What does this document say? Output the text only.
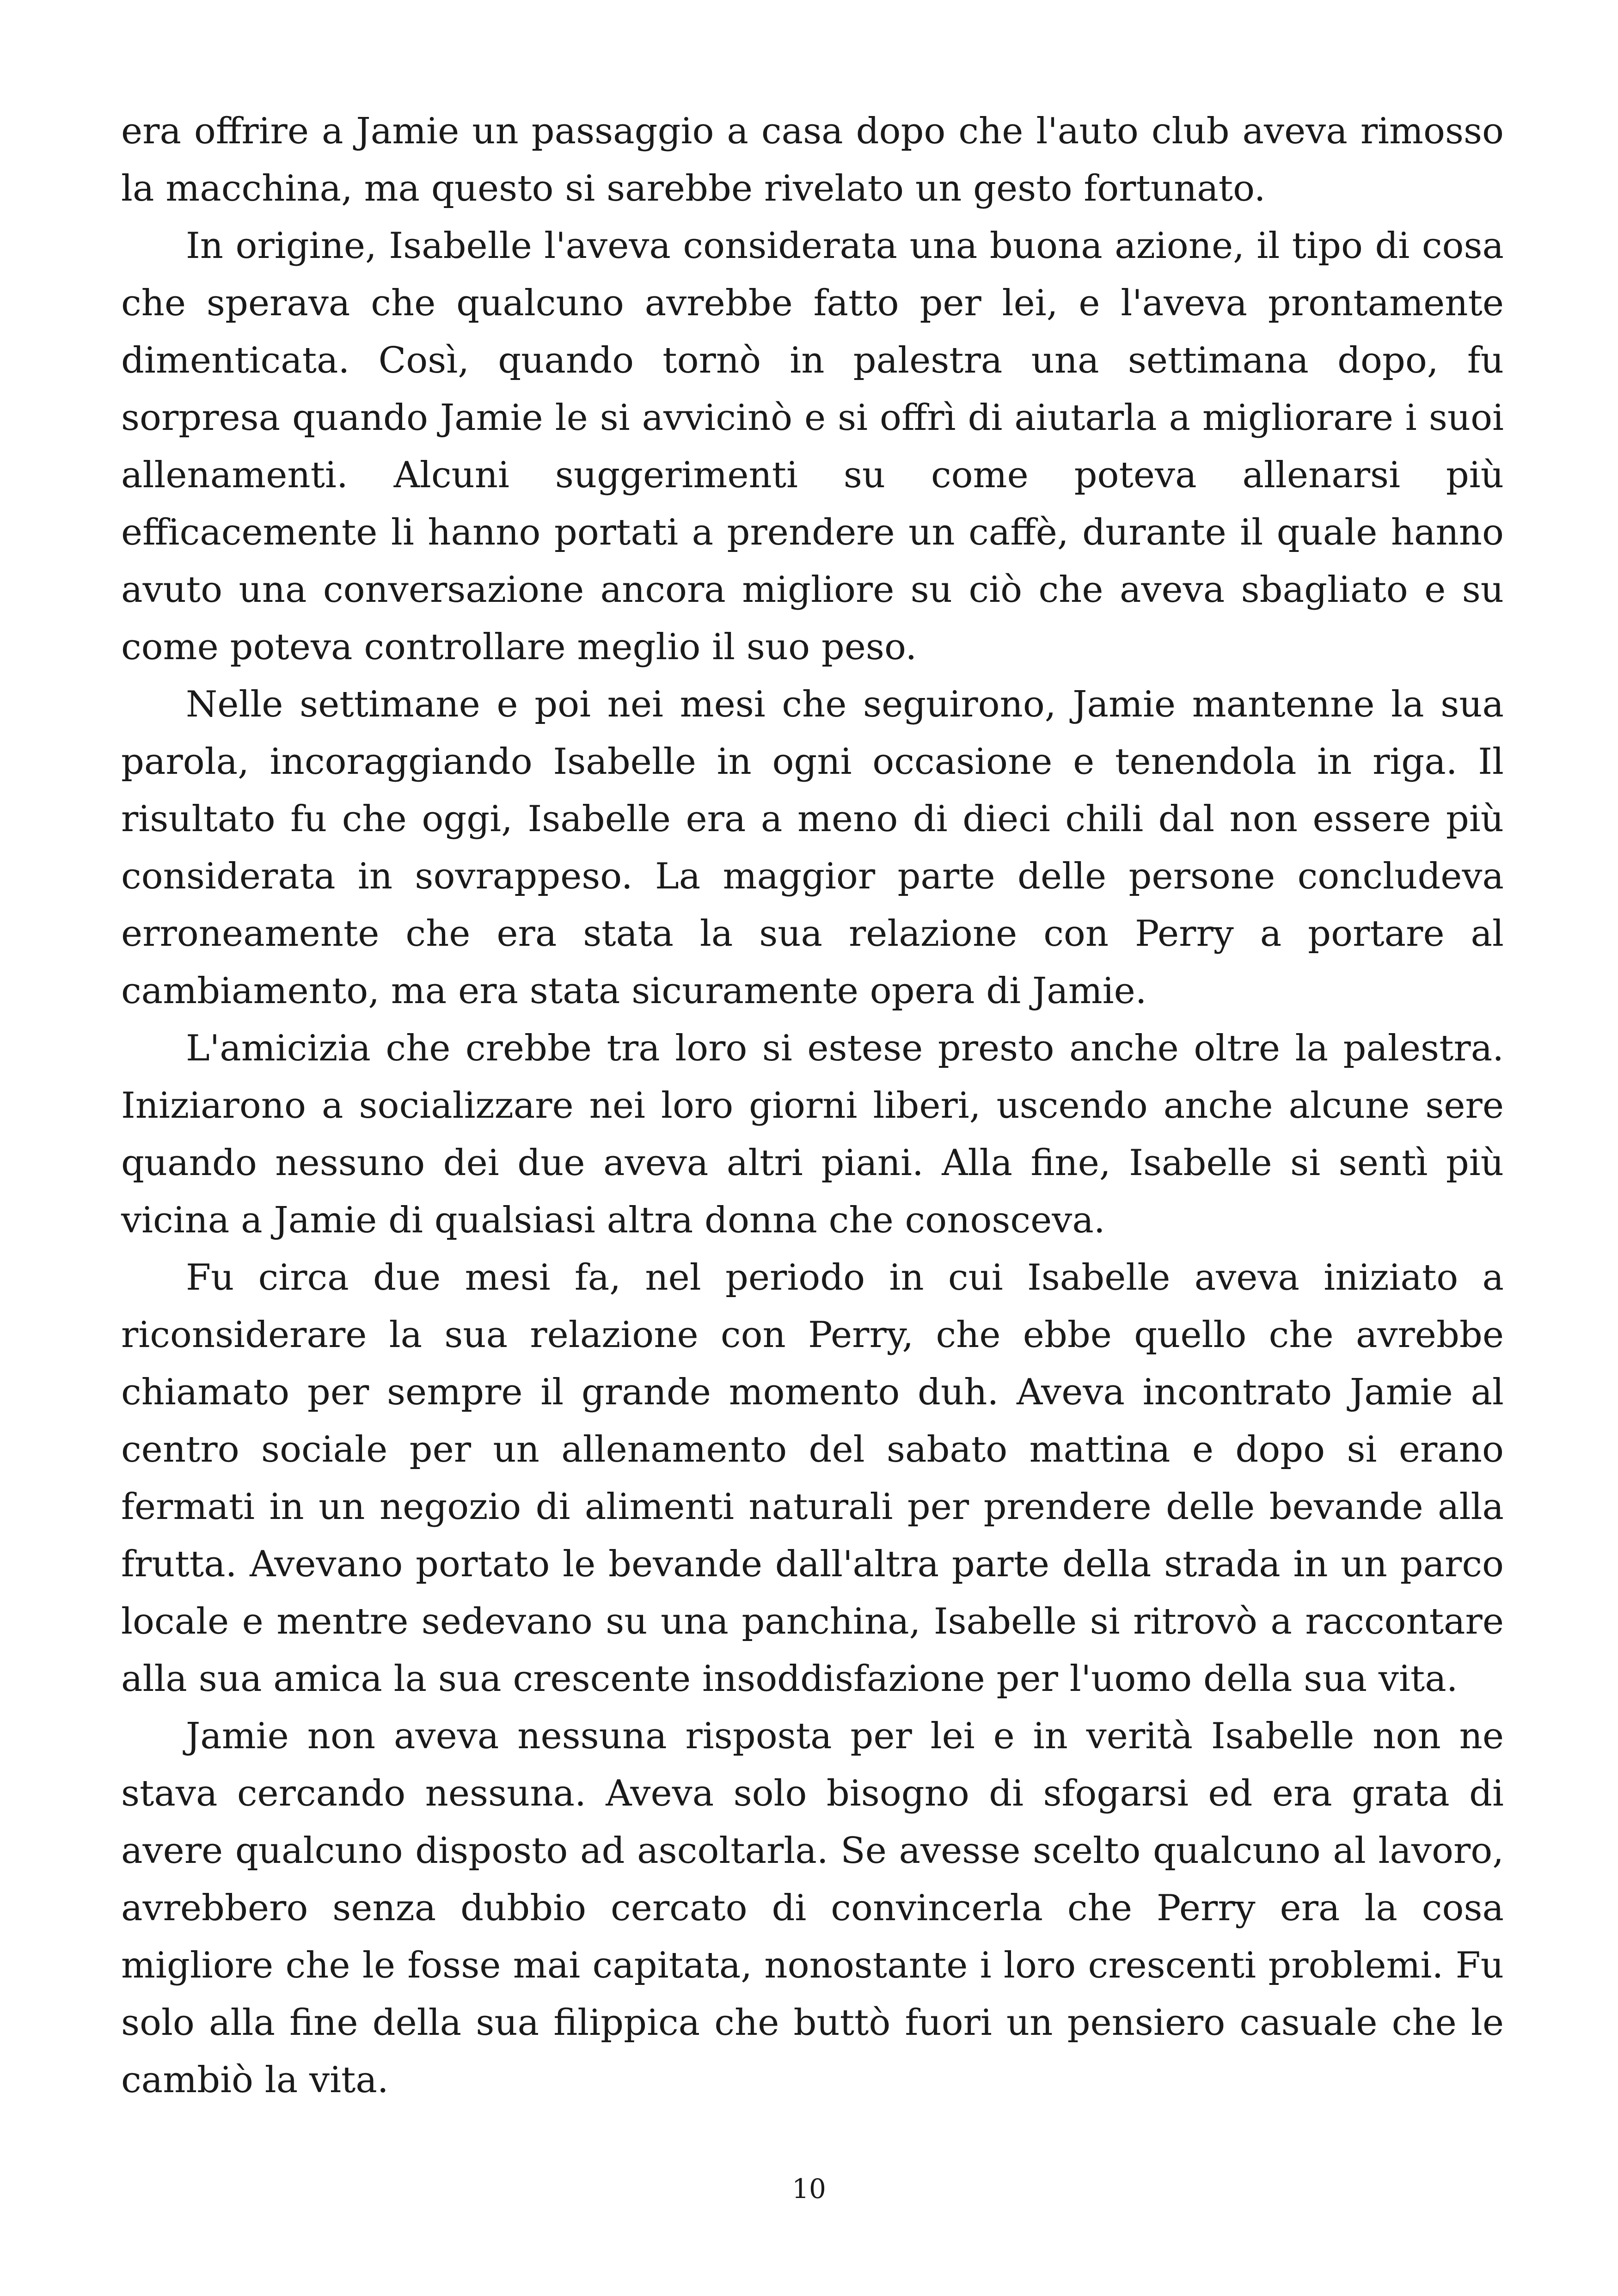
era offrire a Jamie un passaggio a casa dopo che l'auto club aveva rimosso la macchina, ma questo si sarebbe rivelato un gesto fortunato.

In origine, Isabelle l'aveva considerata una buona azione, il tipo di cosa che sperava che qualcuno avrebbe fatto per lei, e l'aveva prontamente dimenticata. Così, quando tornò in palestra una settimana dopo, fu sorpresa quando Jamie le si avvicinò e si offrì di aiutarla a migliorare i suoi allenamenti. Alcuni suggerimenti su come poteva allenarsi più efficacemente li hanno portati a prendere un caffè, durante il quale hanno avuto una conversazione ancora migliore su ciò che aveva sbagliato e su come poteva controllare meglio il suo peso.

Nelle settimane e poi nei mesi che seguirono, Jamie mantenne la sua parola, incoraggiando Isabelle in ogni occasione e tenendola in riga. Il risultato fu che oggi, Isabelle era a meno di dieci chili dal non essere più considerata in sovrappeso. La maggior parte delle persone concludeva erroneamente che era stata la sua relazione con Perry a portare al cambiamento, ma era stata sicuramente opera di Jamie.

L'amicizia che crebbe tra loro si estese presto anche oltre la palestra. Iniziarono a socializzare nei loro giorni liberi, uscendo anche alcune sere quando nessuno dei due aveva altri piani. Alla fine, Isabelle si sentì più vicina a Jamie di qualsiasi altra donna che conosceva.

Fu circa due mesi fa, nel periodo in cui Isabelle aveva iniziato a riconsiderare la sua relazione con Perry, che ebbe quello che avrebbe chiamato per sempre il grande momento duh. Aveva incontrato Jamie al centro sociale per un allenamento del sabato mattina e dopo si erano fermati in un negozio di alimenti naturali per prendere delle bevande alla frutta. Avevano portato le bevande dall'altra parte della strada in un parco locale e mentre sedevano su una panchina, Isabelle si ritrovò a raccontare alla sua amica la sua crescente insoddisfazione per l'uomo della sua vita.

Jamie non aveva nessuna risposta per lei e in verità Isabelle non ne stava cercando nessuna. Aveva solo bisogno di sfogarsi ed era grata di avere qualcuno disposto ad ascoltarla. Se avesse scelto qualcuno al lavoro, avrebbero senza dubbio cercato di convincerla che Perry era la cosa migliore che le fosse mai capitata, nonostante i loro crescenti problemi. Fu solo alla fine della sua filippica che buttò fuori un pensiero casuale che le cambiò la vita.

10
